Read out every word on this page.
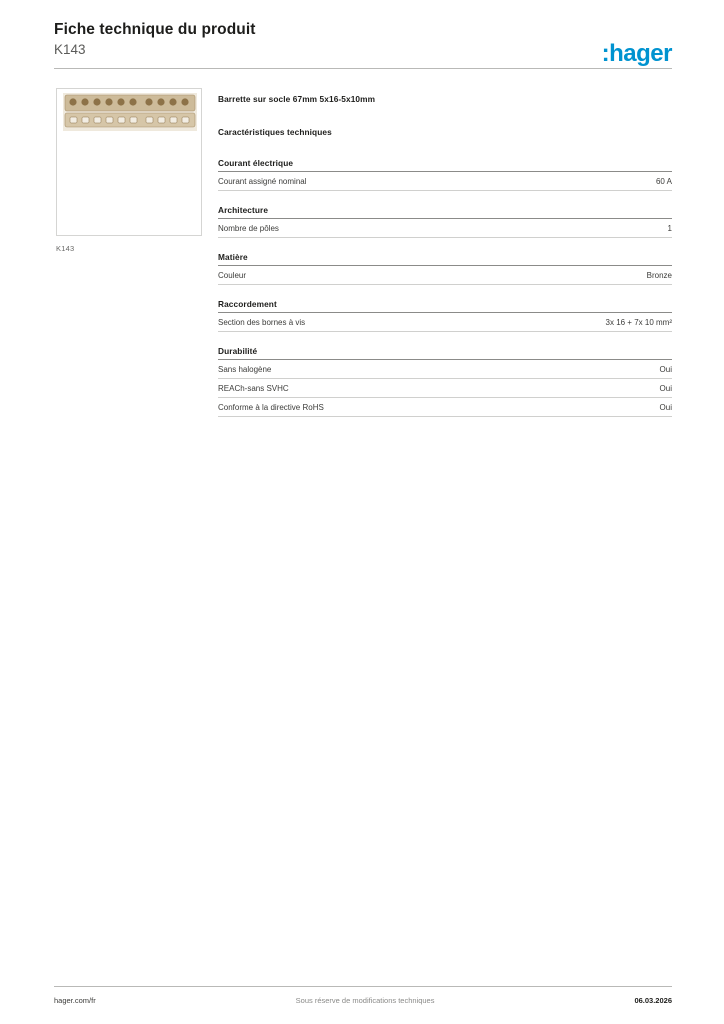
Fiche technique du produit
K143	:hager
K143
Barrette sur socle 67mm 5x16-5x10mm
Caractéristiques techniques
Courant électrique
Courant assigné nominal	60 A
Architecture
Nombre de pôles	1
Matière
Couleur	Bronze
Raccordement
Section des bornes à vis	3x 16 + 7x 10 mm²
Durabilité
Sans halogène	Oui
REACh-sans SVHC	Oui
Conforme à la directive RoHS	Oui
hager.com/fr	Sous réserve de modifications techniques	06.03.2026
